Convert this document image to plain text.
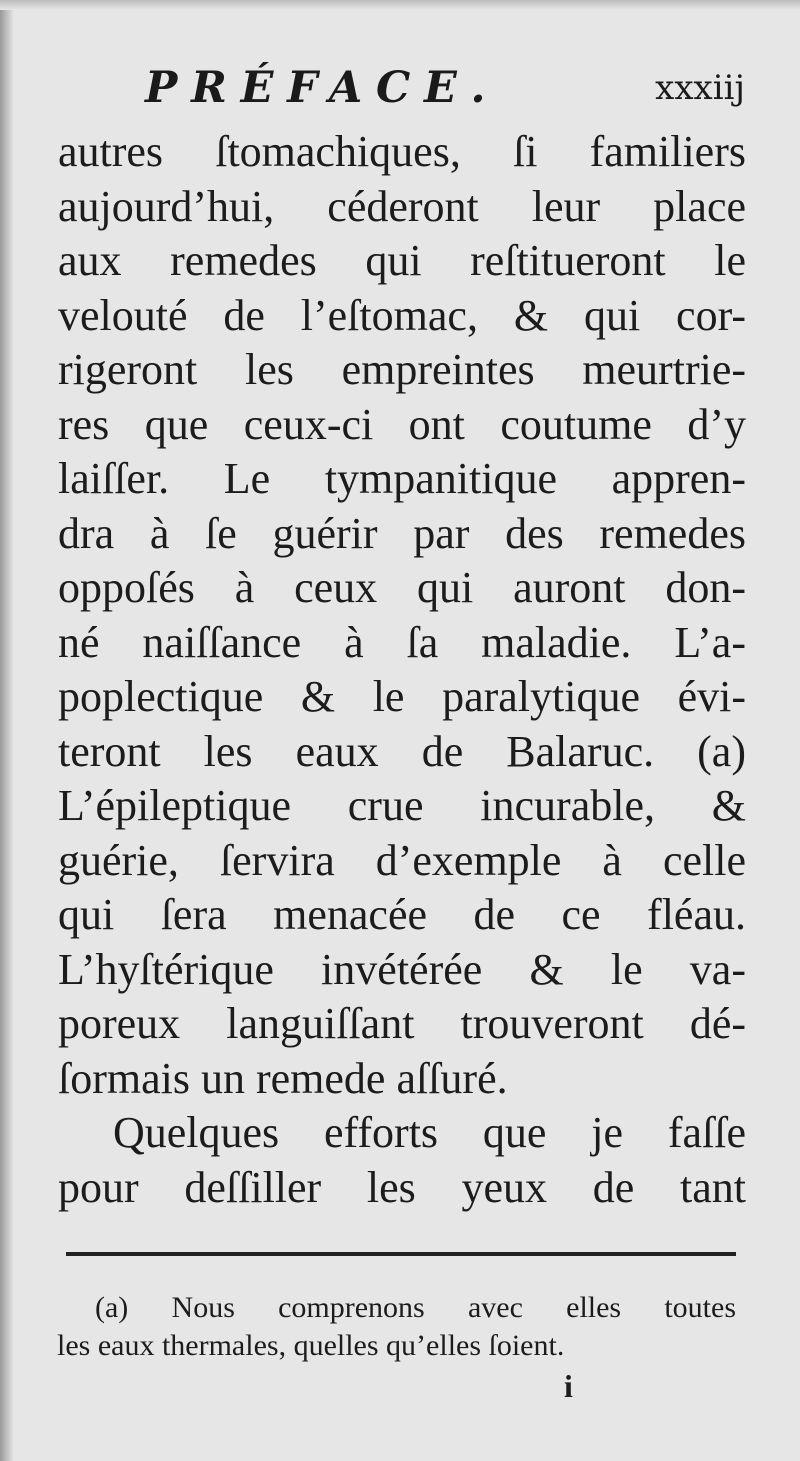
PRÉFACE.	xxxiij
autres ſtomachiques, ſi familiers
aujourd’hui, céderont leur place
aux remedes qui reſtitueront le
velouté de l’eſtomac, & qui cor-
rigeront les empreintes meurtrie-
res que ceux-ci ont coutume d’y
laiſſer. Le tympanitique appren-
dra à ſe guérir par des remedes
oppoſés à ceux qui auront don-
né naiſſance à ſa maladie. L’a-
poplectique & le paralytique évi-
teront les eaux de Balaruc. (a)
L’épileptique crue incurable, &
guérie, ſervira d’exemple à celle
qui ſera menacée de ce fléau.
L’hyſtérique invétérée & le va-
poreux languiſſant trouveront dé-
ſormais un remede aſſuré.
Quelques efforts que je faſſe
pour deſſiller les yeux de tant
(a) Nous comprenons avec elles toutes
les eaux thermales, quelles qu’elles ſoient.
i
